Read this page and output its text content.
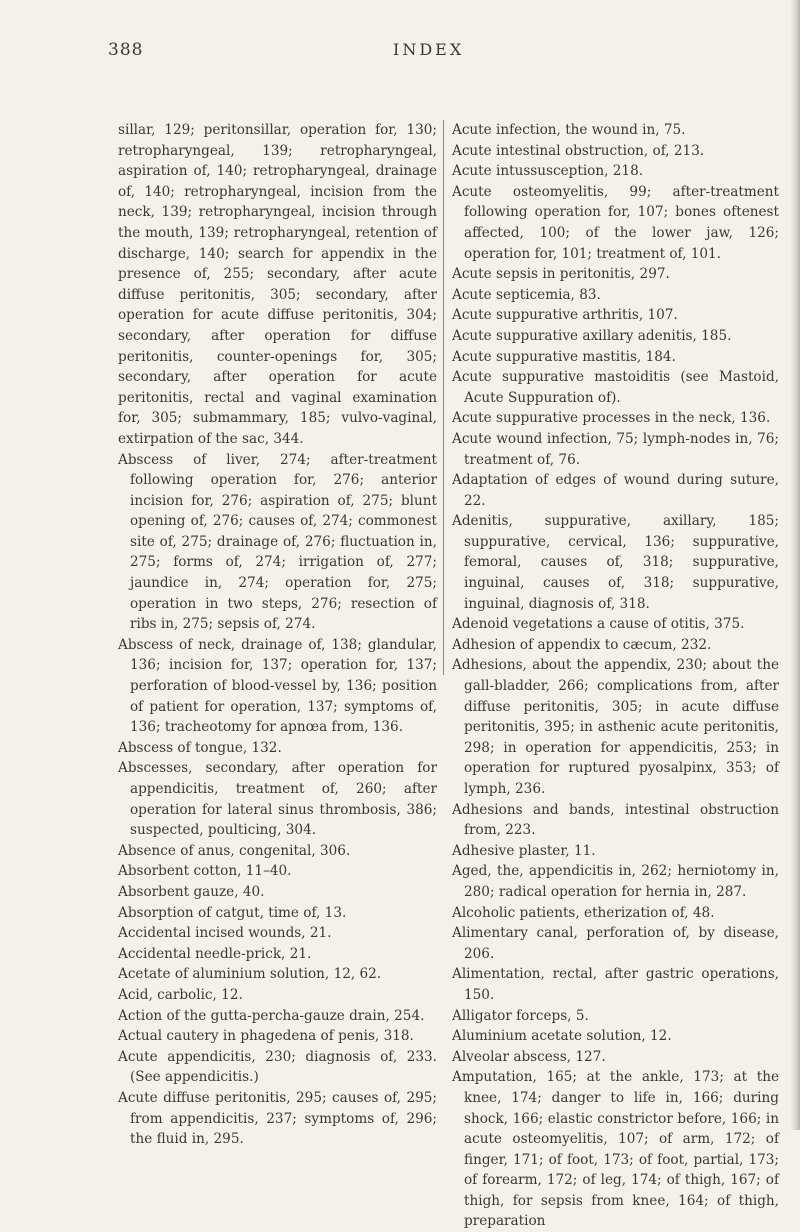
388	INDEX

sillar, 129; peritonsillar, operation for, 130; retropharyngeal, 139; retropharyngeal, aspiration of, 140; retropharyngeal, drainage of, 140; retropharyngeal, incision from the neck, 139; retropharyngeal, incision through the mouth, 139; retropharyngeal, retention of discharge, 140; search for appendix in the presence of, 255; secondary, after acute diffuse peritonitis, 305; secondary, after operation for acute diffuse peritonitis, 304; secondary, after operation for diffuse peritonitis, counter-openings for, 305; secondary, after operation for acute peritonitis, rectal and vaginal examination for, 305; submammary, 185; vulvo-vaginal, extirpation of the sac, 344.

Abscess of liver, 274; after-treatment following operation for, 276; anterior incision for, 276; aspiration of, 275; blunt opening of, 276; causes of, 274; commonest site of, 275; drainage of, 276; fluctuation in, 275; forms of, 274; irrigation of, 277; jaundice in, 274; operation for, 275; operation in two steps, 276; resection of ribs in, 275; sepsis of, 274.

Abscess of neck, drainage of, 138; glandular, 136; incision for, 137; operation for, 137; perforation of blood-vessel by, 136; position of patient for operation, 137; symptoms of, 136; tracheotomy for apnœa from, 136.

Abscess of tongue, 132.

Abscesses, secondary, after operation for appendicitis, treatment of, 260; after operation for lateral sinus thrombosis, 386; suspected, poulticing, 304.

Absence of anus, congenital, 306.

Absorbent cotton, 11–40.

Absorbent gauze, 40.

Absorption of catgut, time of, 13.

Accidental incised wounds, 21.

Accidental needle-prick, 21.

Acetate of aluminium solution, 12, 62.

Acid, carbolic, 12.

Action of the gutta-percha-gauze drain, 254.

Actual cautery in phagedena of penis, 318.

Acute appendicitis, 230; diagnosis of, 233. (See appendicitis.)

Acute diffuse peritonitis, 295; causes of, 295; from appendicitis, 237; symptoms of, 296; the fluid in, 295.

Acute infection, the wound in, 75.

Acute intestinal obstruction, of, 213.

Acute intussusception, 218.

Acute osteomyelitis, 99; after-treatment following operation for, 107; bones oftenest affected, 100; of the lower jaw, 126; operation for, 101; treatment of, 101.

Acute sepsis in peritonitis, 297.

Acute septicemia, 83.

Acute suppurative arthritis, 107.

Acute suppurative axillary adenitis, 185.

Acute suppurative mastitis, 184.

Acute suppurative mastoiditis (see Mastoid, Acute Suppuration of).

Acute suppurative processes in the neck, 136.

Acute wound infection, 75; lymph-nodes in, 76; treatment of, 76.

Adaptation of edges of wound during suture, 22.

Adenitis, suppurative, axillary, 185; suppurative, cervical, 136; suppurative, femoral, causes of, 318; suppurative, inguinal, causes of, 318; suppurative, inguinal, diagnosis of, 318.

Adenoid vegetations a cause of otitis, 375.

Adhesion of appendix to cæcum, 232.

Adhesions, about the appendix, 230; about the gall-bladder, 266; complications from, after diffuse peritonitis, 305; in acute diffuse peritonitis, 395; in asthenic acute peritonitis, 298; in operation for appendicitis, 253; in operation for ruptured pyosalpinx, 353; of lymph, 236.

Adhesions and bands, intestinal obstruction from, 223.

Adhesive plaster, 11.

Aged, the, appendicitis in, 262; herniotomy in, 280; radical operation for hernia in, 287.

Alcoholic patients, etherization of, 48.

Alimentary canal, perforation of, by disease, 206.

Alimentation, rectal, after gastric operations, 150.

Alligator forceps, 5.

Aluminium acetate solution, 12.

Alveolar abscess, 127.

Amputation, 165; at the ankle, 173; at the knee, 174; danger to life in, 166; during shock, 166; elastic constrictor before, 166; in acute osteomyelitis, 107; of arm, 172; of finger, 171; of foot, 173; of foot, partial, 173; of forearm, 172; of leg, 174; of thigh, 167; of thigh, for sepsis from knee, 164; of thigh, preparation
